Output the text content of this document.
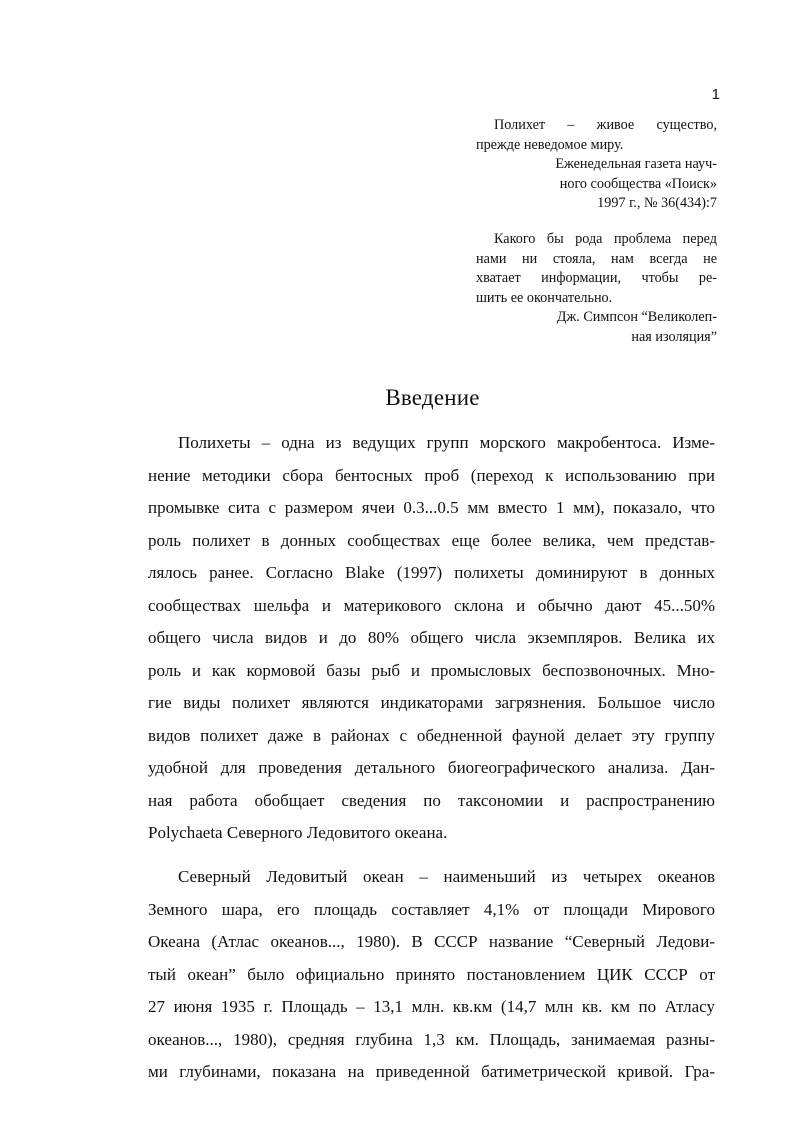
1
Полихет – живое существо,
прежде неведомое миру.
Еженедельная газета науч-
ного сообщества «Поиск»
1997 г., № 36(434):7
Какого бы рода проблема перед
нами ни стояла, нам всегда не
хватает информации, чтобы ре-
шить ее окончательно.
Дж. Симпсон “Великолеп-
ная изоляция”
Введение
Полихеты – одна из ведущих групп морского макробентоса. Изме-
нение методики сбора бентосных проб (переход к использованию при
промывке сита с размером ячеи 0.3...0.5 мм вместо 1 мм), показало, что
роль полихет в донных сообществах еще более велика, чем представ-
лялось ранее. Согласно Blake (1997) полихеты доминируют в донных
сообществах шельфа и материкового склона и обычно дают 45...50%
общего числа видов и до 80% общего числа экземпляров. Велика их
роль и как кормовой базы рыб и промысловых беспозвоночных. Мно-
гие виды полихет являются индикаторами загрязнения. Большое число
видов полихет даже в районах с обедненной фауной делает эту группу
удобной для проведения детального биогеографического анализа. Дан-
ная работа обобщает сведения по таксономии и распространению
Polychaeta Северного Ледовитого океана.
Северный Ледовитый океан – наименьший из четырех океанов
Земного шара, его площадь составляет 4,1% от площади Мирового
Океана (Атлас океанов..., 1980). В СССР название “Северный Ледови-
тый океан” было официально принято постановлением ЦИК СССР от
27 июня 1935 г. Площадь – 13,1 млн. кв.км (14,7 млн кв. км по Атласу
океанов..., 1980), средняя глубина 1,3 км. Площадь, занимаемая разны-
ми глубинами, показана на приведенной батиметрической кривой. Гра-
